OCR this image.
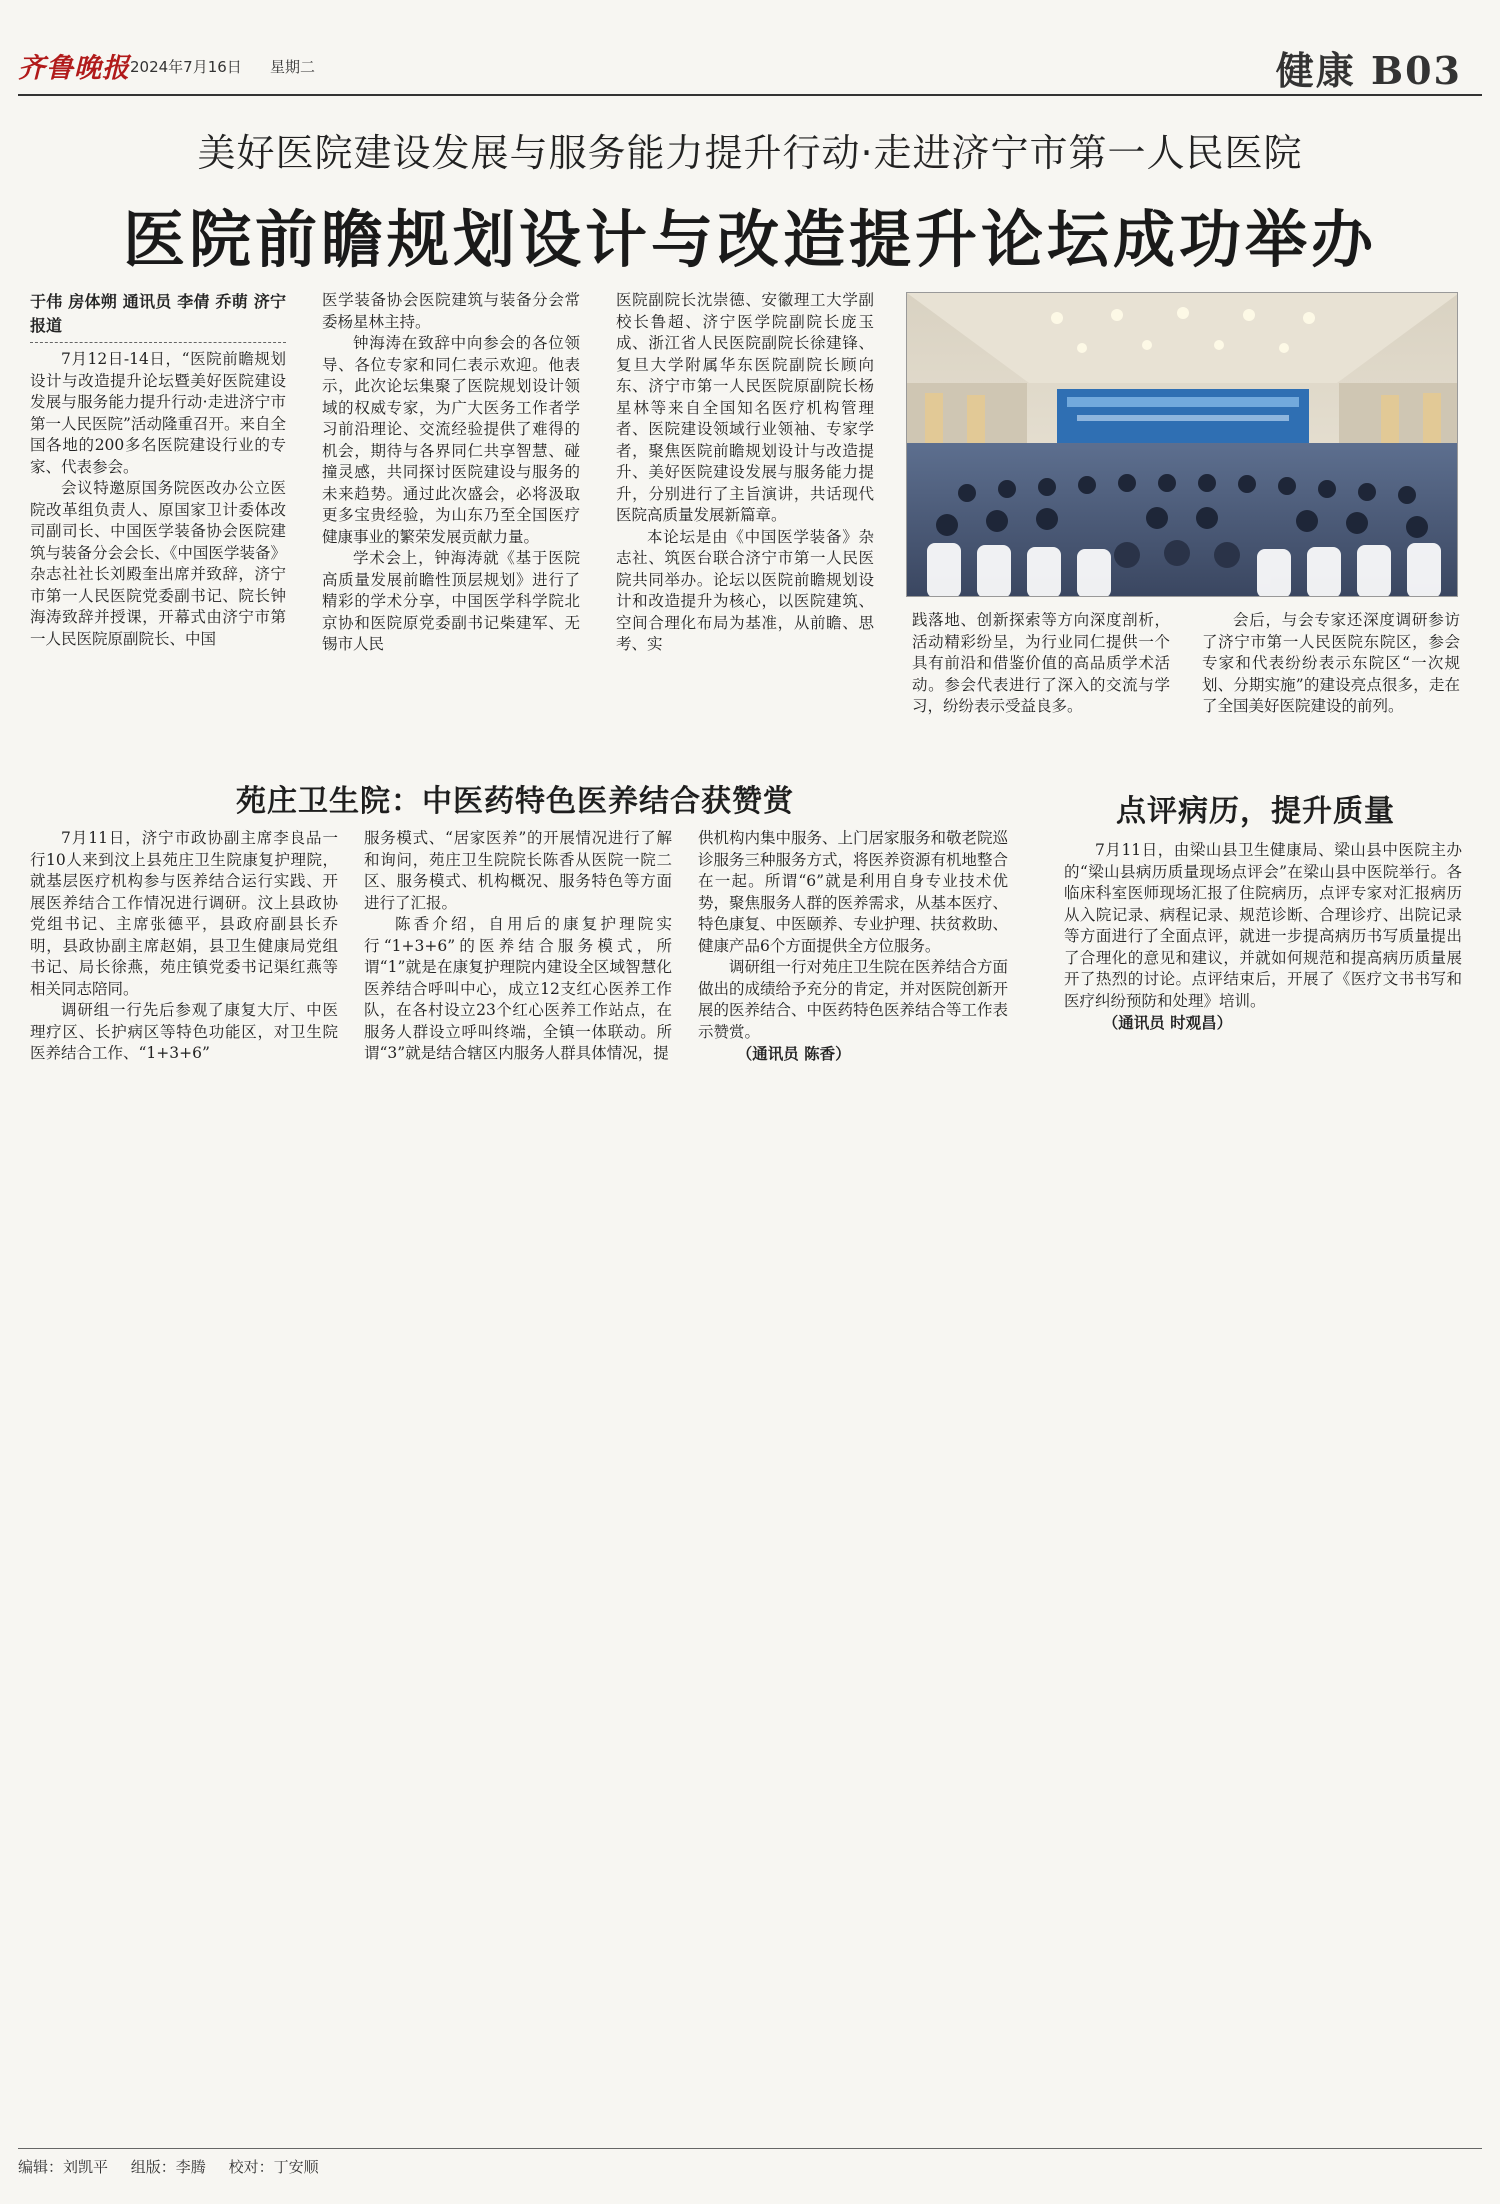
齐鲁晚报 2024年7月16日 星期二	健康 B03
美好医院建设发展与服务能力提升行动·走进济宁市第一人民医院
医院前瞻规划设计与改造提升论坛成功举办
于伟 房体朔 通讯员 李倩 乔萌 济宁报道

7月12日-14日，“医院前瞻规划设计与改造提升论坛暨美好医院建设发展与服务能力提升行动·走进济宁市第一人民医院”活动隆重召开。来自全国各地的200多名医院建设行业的专家、代表参会。

会议特邀原国务院医改办公立医院改革组负责人、原国家卫计委体改司副司长、中国医学装备协会医院建筑与装备分会会长、《中国医学装备》杂志社社长刘殿奎出席并致辞，济宁市第一人民医院党委副书记、院长钟海涛致辞并授课，开幕式由济宁市第一人民医院原副院长、中国

医学装备协会医院建筑与装备分会常委杨星林主持。

钟海涛在致辞中向参会的各位领导、各位专家和同仁表示欢迎。他表示，此次论坛集聚了医院规划设计领域的权威专家，为广大医务工作者学习前沿理论、交流经验提供了难得的机会，期待与各界同仁共享智慧、碰撞灵感，共同探讨医院建设与服务的未来趋势。通过此次盛会，必将汲取更多宝贵经验，为山东乃至全国医疗健康事业的繁荣发展贡献力量。

学术会上，钟海涛就《基于医院高质量发展前瞻性顶层规划》进行了精彩的学术分享，中国医学科学院北京协和医院原党委副书记柴建军、无锡市人民

医院副院长沈崇德、安徽理工大学副校长鲁超、济宁医学院副院长庞玉成、浙江省人民医院副院长徐建锋、复旦大学附属华东医院副院长顾向东、济宁市第一人民医院原副院长杨星林等来自全国知名医疗机构管理者、医院建设领域行业领袖、专家学者，聚焦医院前瞻规划设计与改造提升、美好医院建设发展与服务能力提升，分别进行了主旨演讲，共话现代医院高质量发展新篇章。

本论坛是由《中国医学装备》杂志社、筑医台联合济宁市第一人民医院共同举办。论坛以医院前瞻规划设计和改造提升为核心，以医院建筑、空间合理化布局为基准，从前瞻、思考、实

践落地、创新探索等方向深度剖析，活动精彩纷呈，为行业同仁提供一个具有前沿和借鉴价值的高品质学术活动。参会代表进行了深入的交流与学习，纷纷表示受益良多。

会后，与会专家还深度调研参访了济宁市第一人民医院东院区，参会专家和代表纷纷表示东院区“一次规划、分期实施”的建设亮点很多，走在了全国美好医院建设的前列。

苑庄卫生院：中医药特色医养结合获赞赏

7月11日，济宁市政协副主席李良品一行10人来到汶上县苑庄卫生院康复护理院，就基层医疗机构参与医养结合运行实践、开展医养结合工作情况进行调研。汶上县政协党组书记、主席张德平，县政府副县长乔明，县政协副主席赵娟，县卫生健康局党组书记、局长徐燕，苑庄镇党委书记渠红燕等相关同志陪同。

调研组一行先后参观了康复大厅、中医理疗区、长护病区等特色功能区，对卫生院医养结合工作、“1+3+6”

服务模式、“居家医养”的开展情况进行了解和询问，苑庄卫生院院长陈香从医院一院二区、服务模式、机构概况、服务特色等方面进行了汇报。

陈香介绍，自用后的康复护理院实行“1+3+6”的医养结合服务模式，所谓“1”就是在康复护理院内建设全区域智慧化医养结合呼叫中心，成立12支红心医养工作队，在各村设立23个红心医养工作站点，在服务人群设立呼叫终端，全镇一体联动。所谓“3”就是结合辖区内服务人群具体情况，提

供机构内集中服务、上门居家服务和敬老院巡诊服务三种服务方式，将医养资源有机地整合在一起。所谓“6”就是利用自身专业技术优势，聚焦服务人群的医养需求，从基本医疗、特色康复、中医颐养、专业护理、扶贫救助、健康产品6个方面提供全方位服务。

调研组一行对苑庄卫生院在医养结合方面做出的成绩给予充分的肯定，并对医院创新开展的医养结合、中医药特色医养结合等工作表示赞赏。

（通讯员 陈香）

点评病历，提升质量

7月11日，由梁山县卫生健康局、梁山县中医院主办的“梁山县病历质量现场点评会”在梁山县中医院举行。各临床科室医师现场汇报了住院病历，点评专家对汇报病历从入院记录、病程记录、规范诊断、合理诊疗、出院记录等方面进行了全面点评，就进一步提高病历书写质量提出了合理化的意见和建议，并就如何规范和提高病历质量展开了热烈的讨论。点评结束后，开展了《医疗文书书写和医疗纠纷预防和处理》培训。

（通讯员 时观昌）

编辑：刘凯平 组版：李腾 校对：丁安顺
